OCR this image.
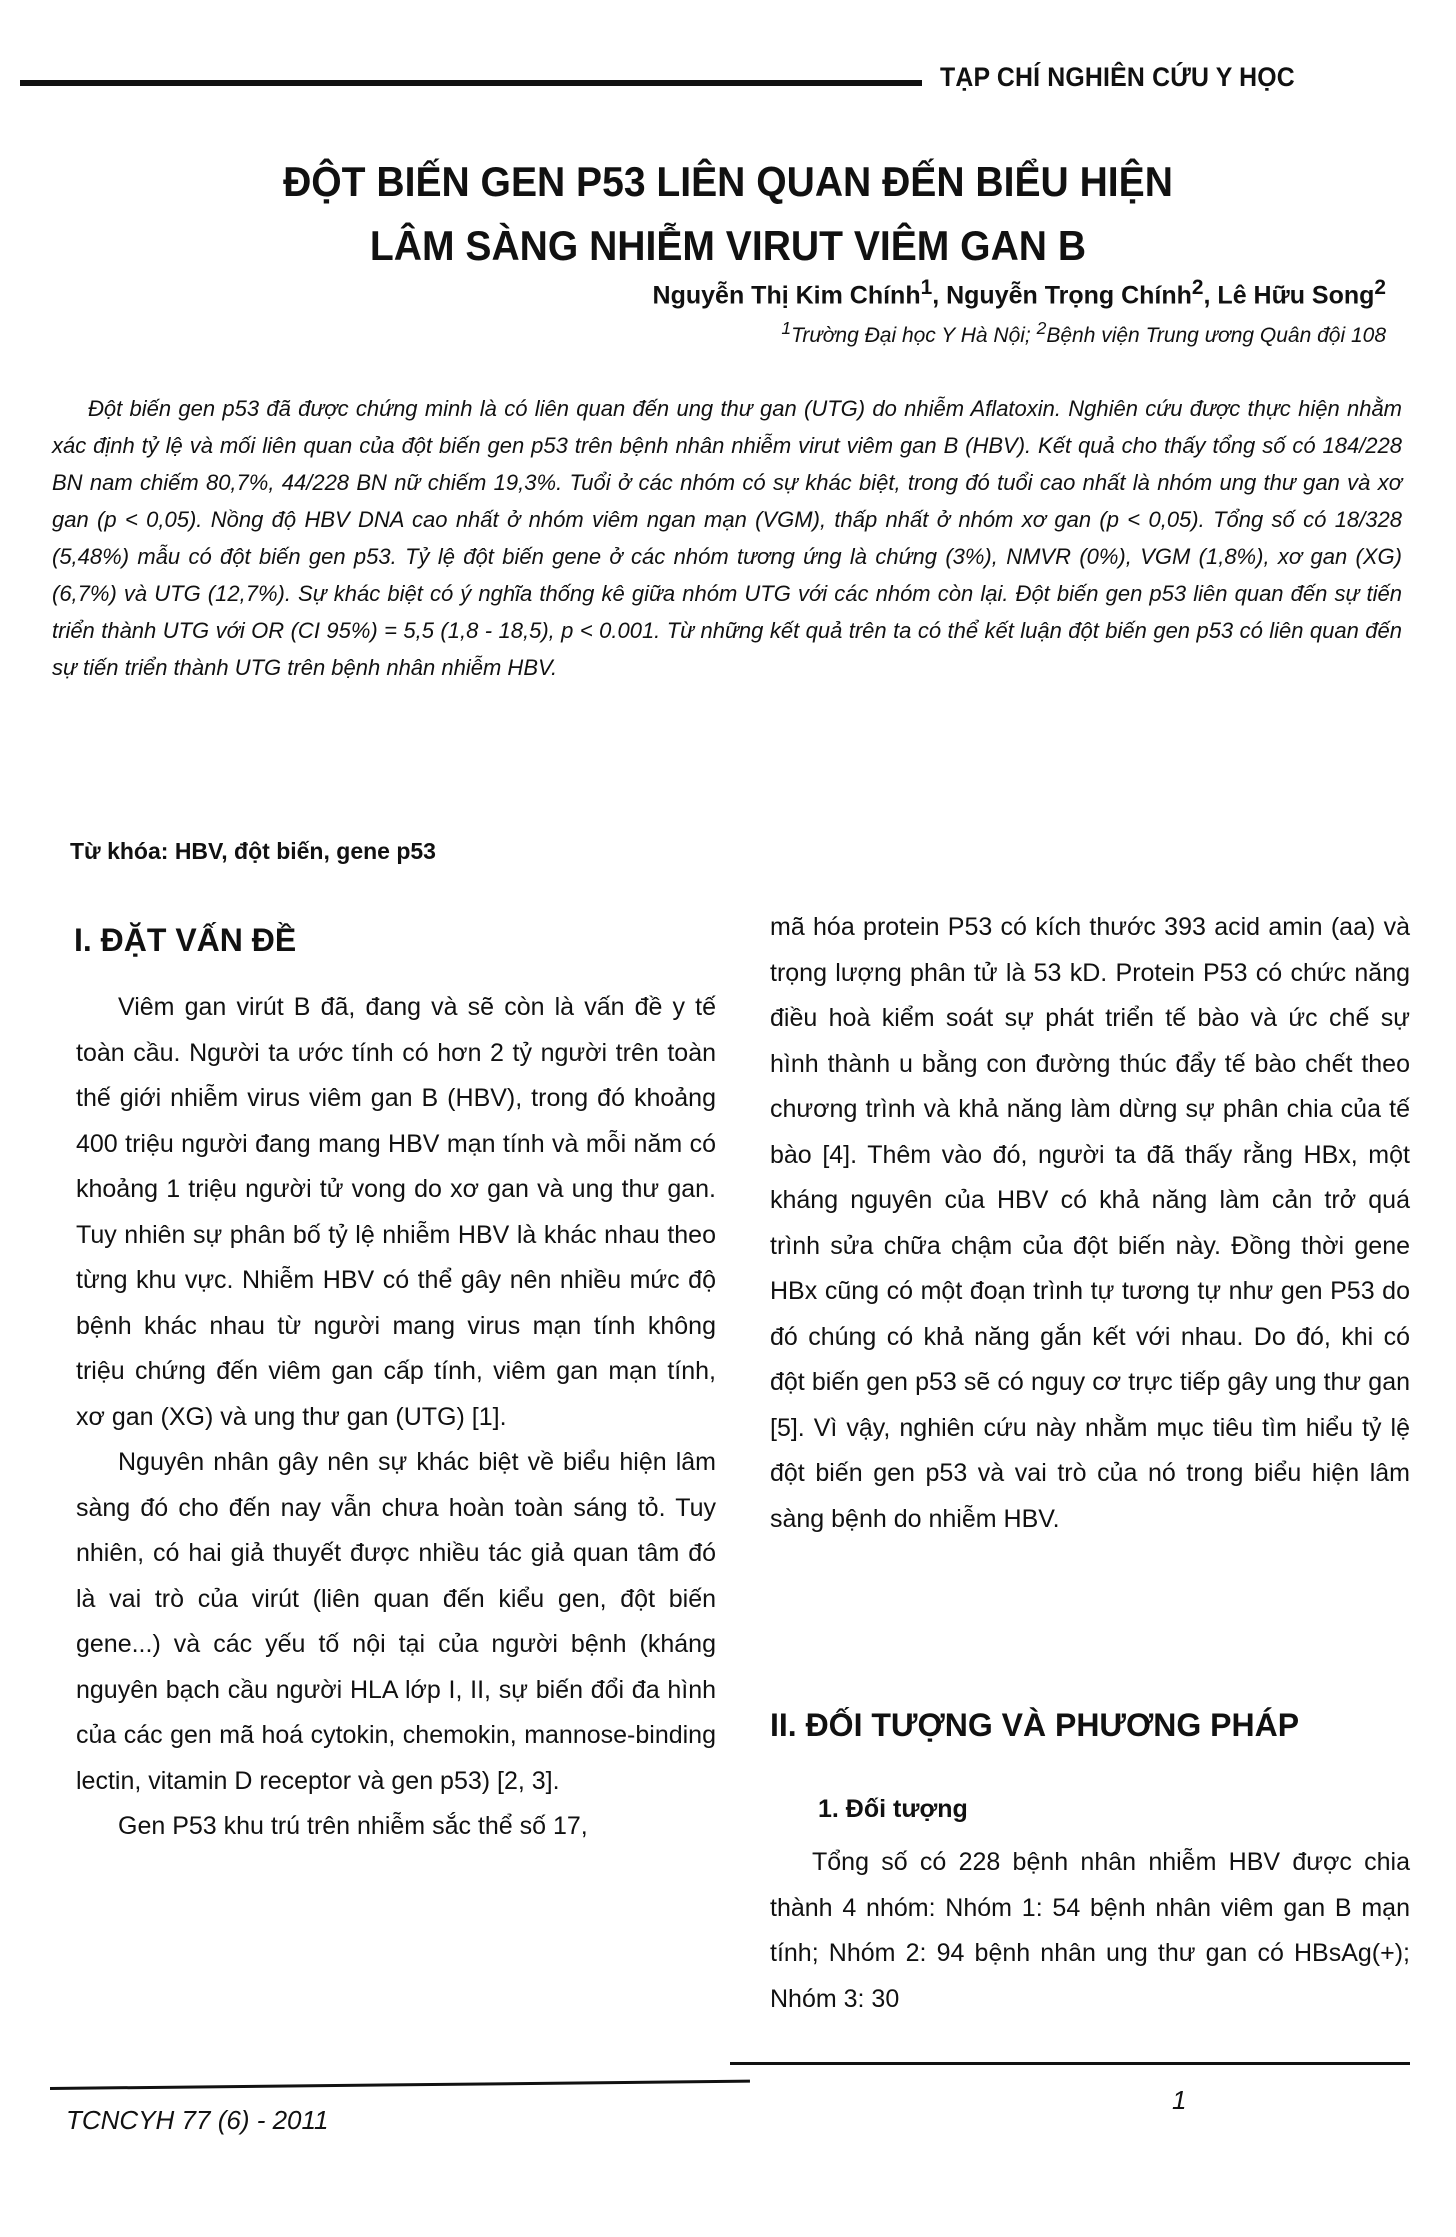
TẠP CHÍ NGHIÊN CỨU Y HỌC
ĐỘT BIẾN GEN P53 LIÊN QUAN ĐẾN BIỂU HIỆN
LÂM SÀNG NHIỄM VIRUT VIÊM GAN B
Nguyễn Thị Kim Chính$^1$, Nguyễn Trọng Chính$^2$, Lê Hữu Song$^2$
$^1$Trường Đại học Y Hà Nội; $^2$Bệnh viện Trung ương Quân đội 108
Đột biến gen p53 đã được chứng minh là có liên quan đến ung thư gan (UTG) do nhiễm Aflatoxin. Nghiên cứu được thực hiện nhằm xác định tỷ lệ và mối liên quan của đột biến gen p53 trên bệnh nhân nhiễm virut viêm gan B (HBV). Kết quả cho thấy tổng số có 184/228 BN nam chiếm 80,7%, 44/228 BN nữ chiếm 19,3%. Tuổi ở các nhóm có sự khác biệt, trong đó tuổi cao nhất là nhóm ung thư gan và xơ gan (p < 0,05). Nồng độ HBV DNA cao nhất ở nhóm viêm ngan mạn (VGM), thấp nhất ở nhóm xơ gan (p < 0,05). Tổng số có 18/328 (5,48%) mẫu có đột biến gen p53. Tỷ lệ đột biến gene ở các nhóm tương ứng là chứng (3%), NMVR (0%), VGM (1,8%), xơ gan (XG) (6,7%) và UTG (12,7%). Sự khác biệt có ý nghĩa thống kê giữa nhóm UTG với các nhóm còn lại. Đột biến gen p53 liên quan đến sự tiến triển thành UTG với OR (CI 95%) = 5,5 (1,8 - 18,5), p < 0.001. Từ những kết quả trên ta có thể kết luận đột biến gen p53 có liên quan đến sự tiến triển thành UTG trên bệnh nhân nhiễm HBV.
Từ khóa: HBV, đột biến, gene p53
I. ĐẶT VẤN ĐỀ

Viêm gan virút B đã, đang và sẽ còn là vấn đề y tế toàn cầu. Người ta ước tính có hơn 2 tỷ người trên toàn thế giới nhiễm virus viêm gan B (HBV), trong đó khoảng 400 triệu người đang mang HBV mạn tính và mỗi năm có khoảng 1 triệu người tử vong do xơ gan và ung thư gan. Tuy nhiên sự phân bố tỷ lệ nhiễm HBV là khác nhau theo từng khu vực. Nhiễm HBV có thể gây nên nhiều mức độ bệnh khác nhau từ người mang virus mạn tính không triệu chứng đến viêm gan cấp tính, viêm gan mạn tính, xơ gan (XG) và ung thư gan (UTG) [1].

Nguyên nhân gây nên sự khác biệt về biểu hiện lâm sàng đó cho đến nay vẫn chưa hoàn toàn sáng tỏ. Tuy nhiên, có hai giả thuyết được nhiều tác giả quan tâm đó là vai trò của virút (liên quan đến kiểu gen, đột biến gene...) và các yếu tố nội tại của người bệnh (kháng nguyên bạch cầu người HLA lớp I, II, sự biến đổi đa hình của các gen mã hoá cytokin, chemokin, mannose-binding lectin, vitamin D receptor và gen p53) [2, 3].

Gen P53 khu trú trên nhiễm sắc thể số 17,

mã hóa protein P53 có kích thước 393 acid amin (aa) và trọng lượng phân tử là 53 kD. Protein P53 có chức năng điều hoà kiểm soát sự phát triển tế bào và ức chế sự hình thành u bằng con đường thúc đẩy tế bào chết theo chương trình và khả năng làm dừng sự phân chia của tế bào [4]. Thêm vào đó, người ta đã thấy rằng HBx, một kháng nguyên của HBV có khả năng làm cản trở quá trình sửa chữa chậm của đột biến này. Đồng thời gene HBx cũng có một đoạn trình tự tương tự như gen P53 do đó chúng có khả năng gắn kết với nhau. Do đó, khi có đột biến gen p53 sẽ có nguy cơ trực tiếp gây ung thư gan [5]. Vì vậy, nghiên cứu này nhằm mục tiêu tìm hiểu tỷ lệ đột biến gen p53 và vai trò của nó trong biểu hiện lâm sàng bệnh do nhiễm HBV.

II. ĐỐI TƯỢNG VÀ PHƯƠNG PHÁP
1. Đối tượng

Tổng số có 228 bệnh nhân nhiễm HBV được chia thành 4 nhóm: Nhóm 1: 54 bệnh nhân viêm gan B mạn tính; Nhóm 2: 94 bệnh nhân ung thư gan có HBsAg(+); Nhóm 3: 30

TCNCYH 77 (6) - 2011
1
